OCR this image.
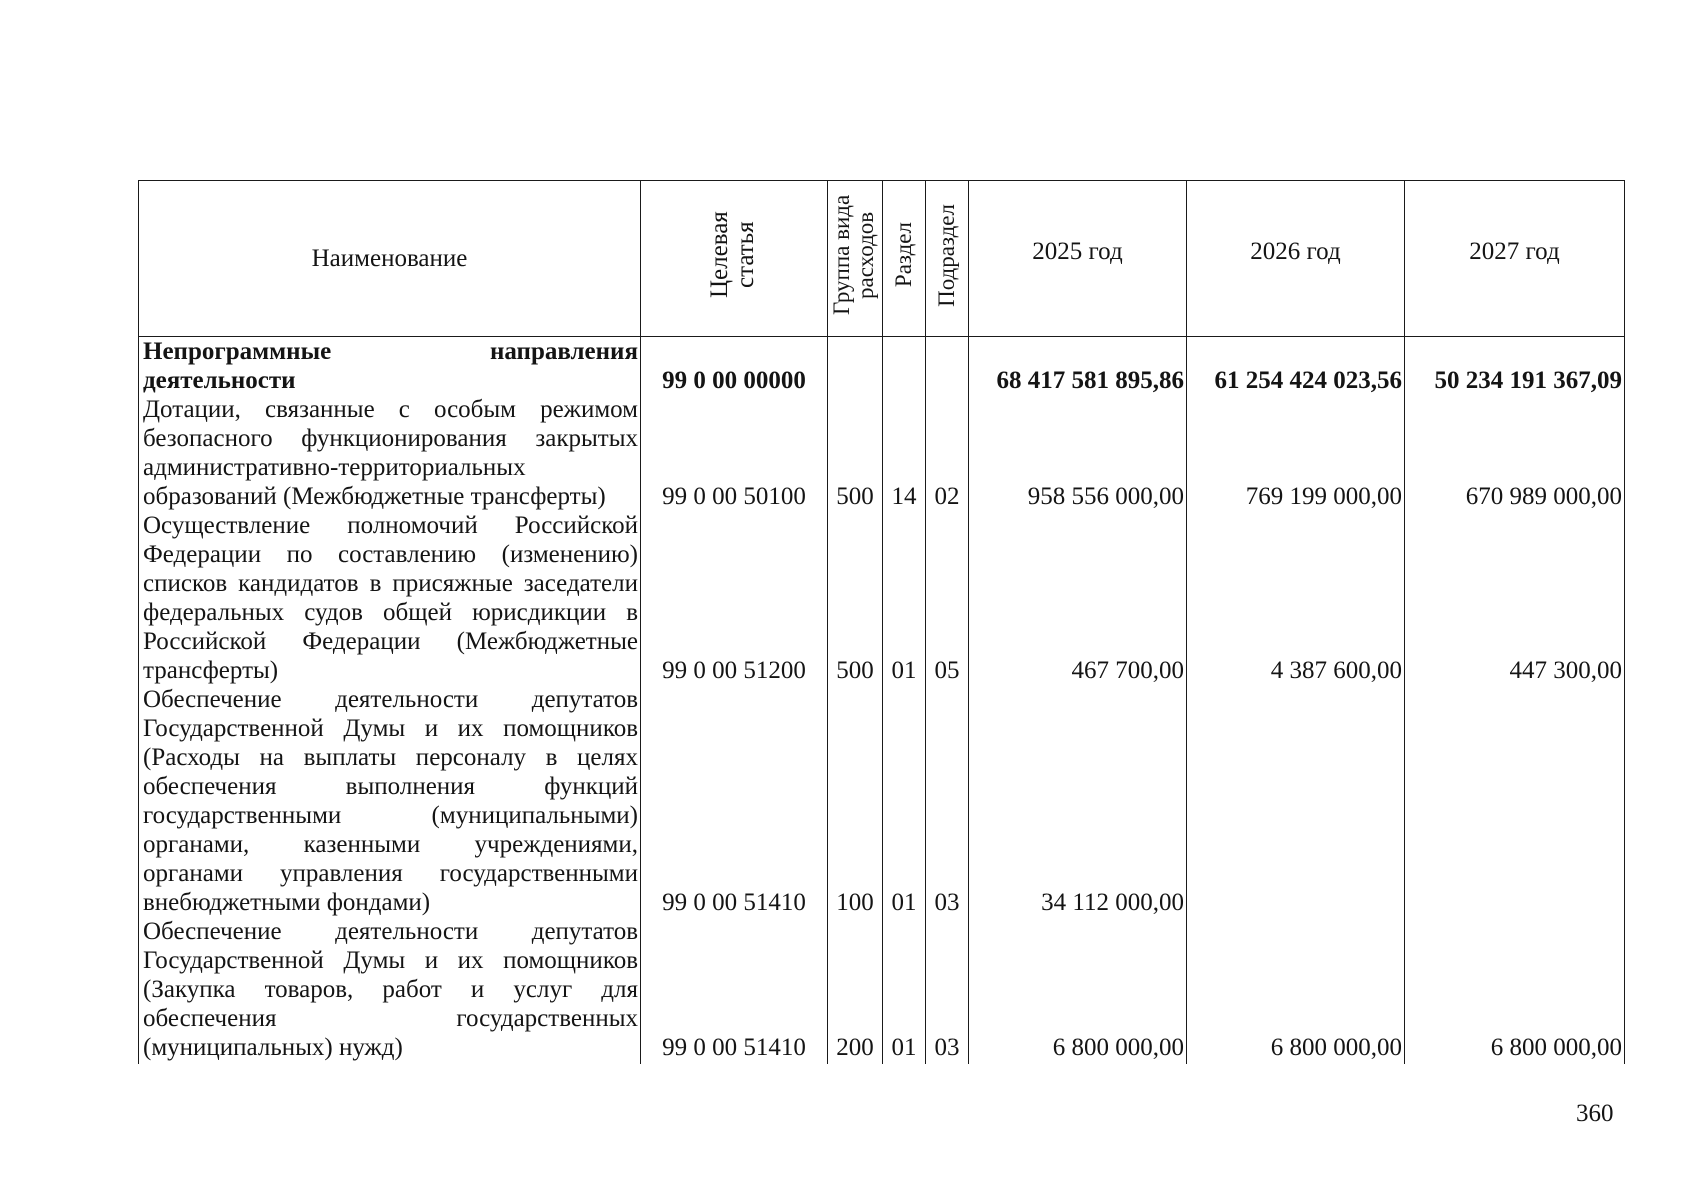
Наименование	Целевая статья	Группа вида расходов	Раздел	Подраздел	2025 год	2026 год	2027 год

Непрограммные направления деятельности	99 0 00 00000				68 417 581 895,86	61 254 424 023,56	50 234 191 367,09
Дотации, связанные с особым режимом безопасного функционирования закрытых административно-территориальных образований (Межбюджетные трансферты)	99 0 00 50100	500	14	02	958 556 000,00	769 199 000,00	670 989 000,00
Осуществление полномочий Российской Федерации по составлению (изменению) списков кандидатов в присяжные заседатели федеральных судов общей юрисдикции в Российской Федерации (Межбюджетные трансферты)	99 0 00 51200	500	01	05	467 700,00	4 387 600,00	447 300,00
Обеспечение деятельности депутатов Государственной Думы и их помощников (Расходы на выплаты персоналу в целях обеспечения выполнения функций государственными (муниципальными) органами, казенными учреждениями, органами управления государственными внебюджетными фондами)	99 0 00 51410	100	01	03	34 112 000,00		
Обеспечение деятельности депутатов Государственной Думы и их помощников (Закупка товаров, работ и услуг для обеспечения государственных (муниципальных) нужд)	99 0 00 51410	200	01	03	6 800 000,00	6 800 000,00	6 800 000,00
360
